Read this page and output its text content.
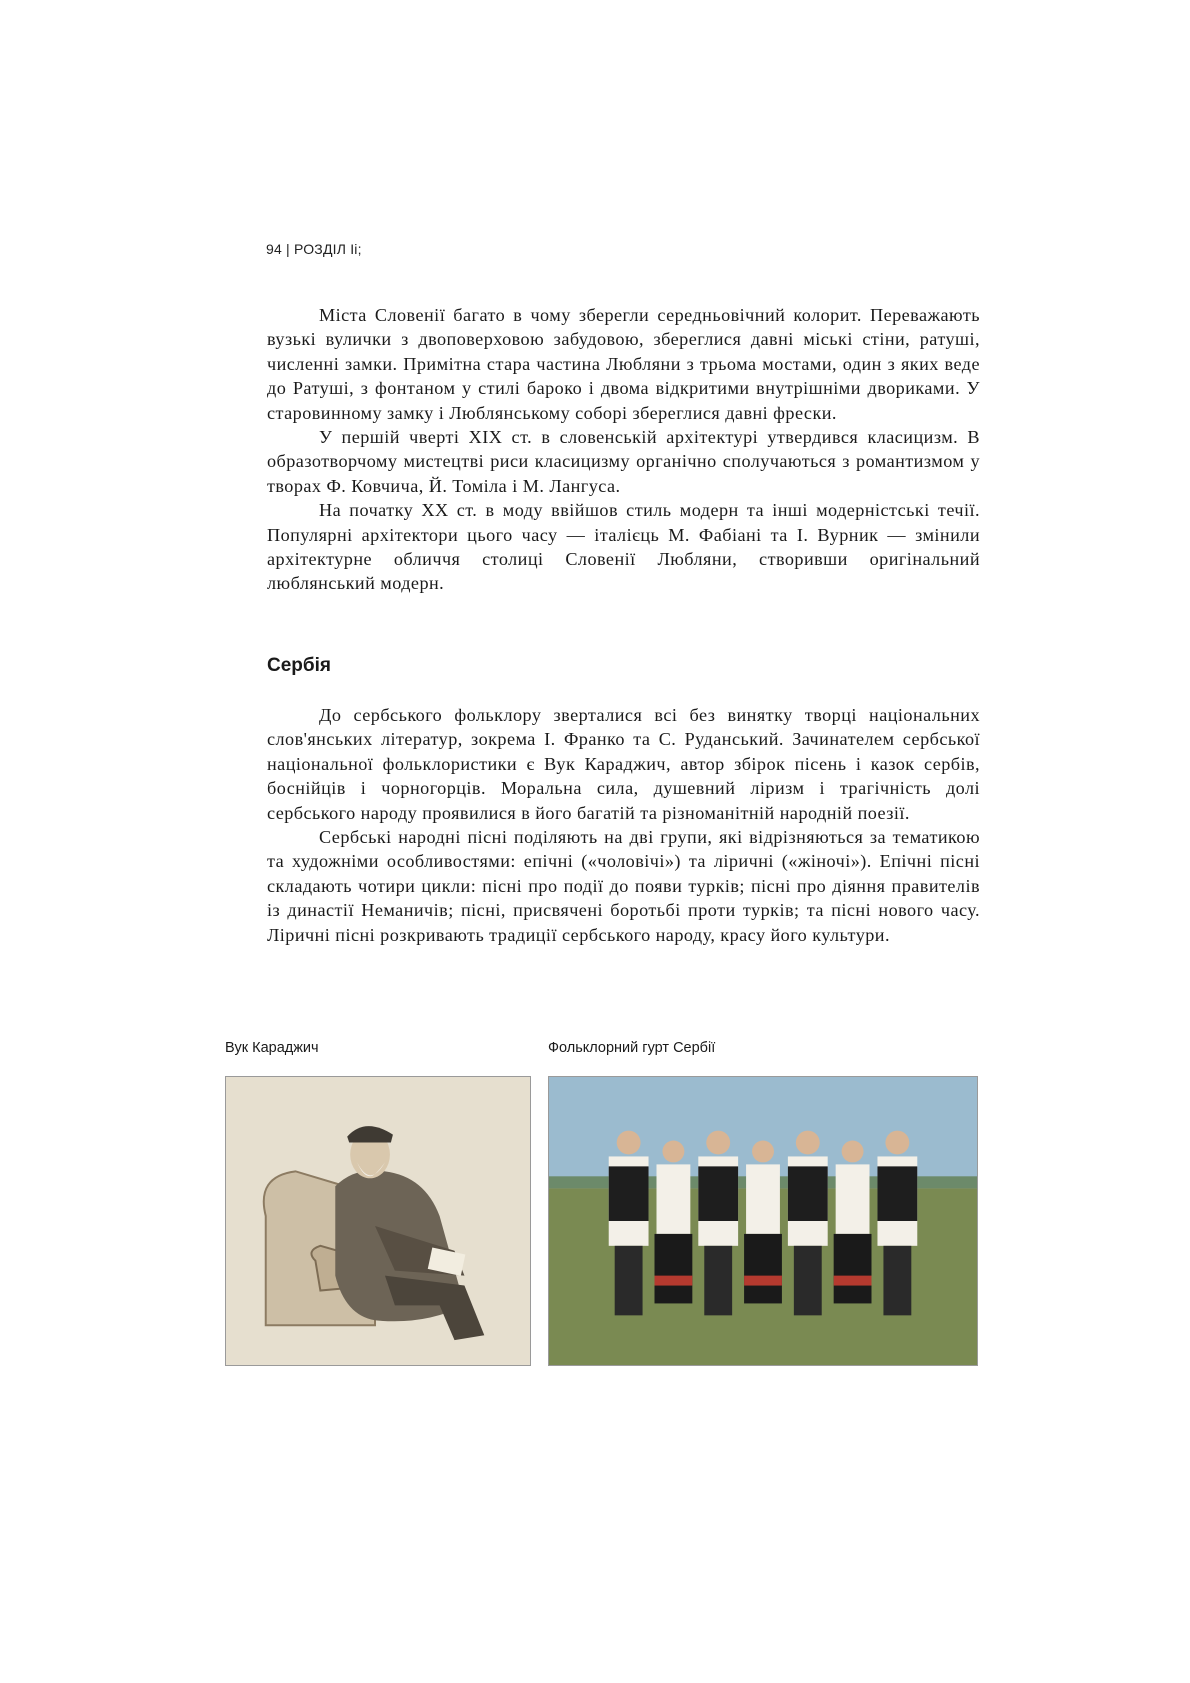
94 | РОЗДІЛ Ii;

Міста Словенії багато в чому зберегли середньовічний колорит. Переважають вузькі вулички з двоповерховою забудовою, збереглися давні міські стіни, ратуші, численні замки. Примітна стара частина Любляни з трьома мостами, один з яких веде до Ратуші, з фонтаном у стилі бароко і двома відкритими внутрішніми двориками. У старовинному замку і Люблянському соборі збереглися давні фрески.

У першій чверті XIX ст. в словенській архітектурі утвердився класицизм. В образотворчому мистецтві риси класицизму органічно сполучаються з романтизмом у творах Ф. Ковчича, Й. Томіла і М. Лангуса.

На початку XX ст. в моду ввійшов стиль модерн та інші модерністські течії. Популярні архітектори цього часу — італієць М. Фабіані та І. Вурник — змінили архітектурне обличчя столиці Словенії Любляни, створивши оригінальний люблянський модерн.

Сербія

До сербського фольклору зверталися всі без винятку творці національних слов'янських літератур, зокрема І. Франко та С. Руданський. Зачинателем сербської національної фольклористики є Вук Караджич, автор збірок пісень і казок сербів, боснійців і чорногорців. Моральна сила, душевний ліризм і трагічність долі сербського народу проявилися в його багатій та різноманітній народній поезії.

Сербські народні пісні поділяють на дві групи, які відрізняються за тематикою та художніми особливостями: епічні («чоловічі») та ліричні («жіночі»). Епічні пісні складають чотири цикли: пісні про події до появи турків; пісні про діяння правителів із династії Неманичів; пісні, присвячені боротьбі проти турків; та пісні нового часу. Ліричні пісні розкривають традиції сербського народу, красу його культури.

Вук Караджич	Фольклорний гурт Сербії
